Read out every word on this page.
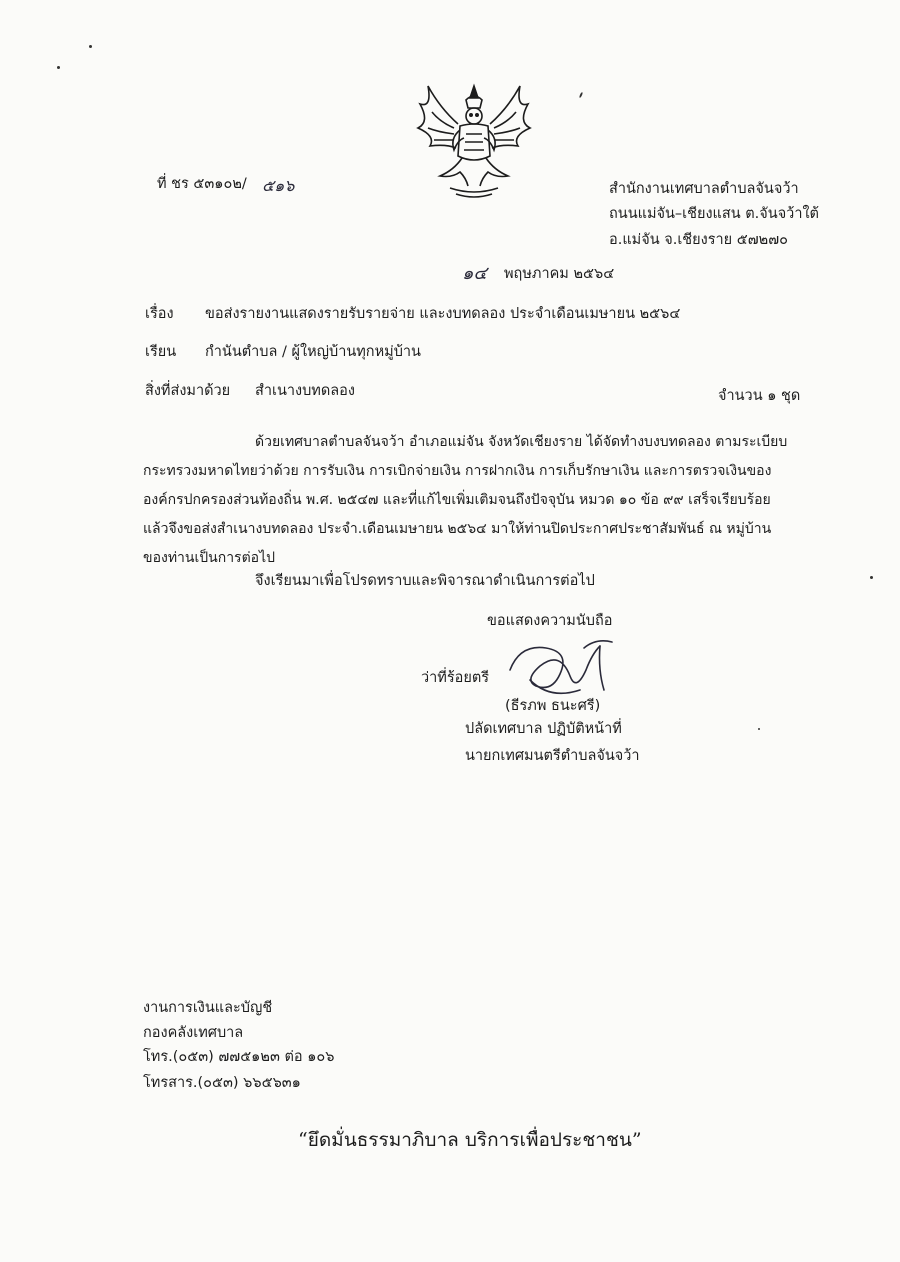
ที่ ชร ๕๓๑๐๒/ ๕๑๖	สำนักงานเทศบาลตำบลจันจว้า
ถนนแม่จัน–เชียงแสน ต.จันจว้าใต้
อ.แม่จัน จ.เชียงราย ๕๗๒๗๐
๑๔ พฤษภาคม ๒๕๖๔
เรื่อง ขอส่งรายงานแสดงรายรับรายจ่าย และงบทดลอง ประจำเดือนเมษายน ๒๕๖๔
เรียน กำนันตำบล / ผู้ใหญ่บ้านทุกหมู่บ้าน
สิ่งที่ส่งมาด้วย สำเนางบทดลอง	จำนวน ๑ ชุด
ด้วยเทศบาลตำบลจันจว้า อำเภอแม่จัน จังหวัดเชียงราย ได้จัดทำงบงบทดลอง ตามระเบียบ
กระทรวงมหาดไทยว่าด้วย การรับเงิน การเบิกจ่ายเงิน การฝากเงิน การเก็บรักษาเงิน และการตรวจเงินของ
องค์กรปกครองส่วนท้องถิ่น พ.ศ. ๒๕๔๗ และที่แก้ไขเพิ่มเติมจนถึงปัจจุบัน หมวด ๑๐ ข้อ ๙๙ เสร็จเรียบร้อย
แล้วจึงขอส่งสำเนางบทดลอง ประจำ.เดือนเมษายน ๒๕๖๔ มาให้ท่านปิดประกาศประชาสัมพันธ์ ณ หมู่บ้าน
ของท่านเป็นการต่อไป
จึงเรียนมาเพื่อโปรดทราบและพิจารณาดำเนินการต่อไป
ขอแสดงความนับถือ
ว่าที่ร้อยตรี
(ธีรภพ ธนะศรี)
ปลัดเทศบาล ปฏิบัติหน้าที่
นายกเทศมนตรีตำบลจันจว้า
งานการเงินและบัญชี
กองคลังเทศบาล
โทร.(๐๕๓) ๗๗๕๑๒๓ ต่อ ๑๐๖
โทรสาร.(๐๕๓) ๖๖๕๖๓๑
“ยึดมั่นธรรมาภิบาล บริการเพื่อประชาชน”
